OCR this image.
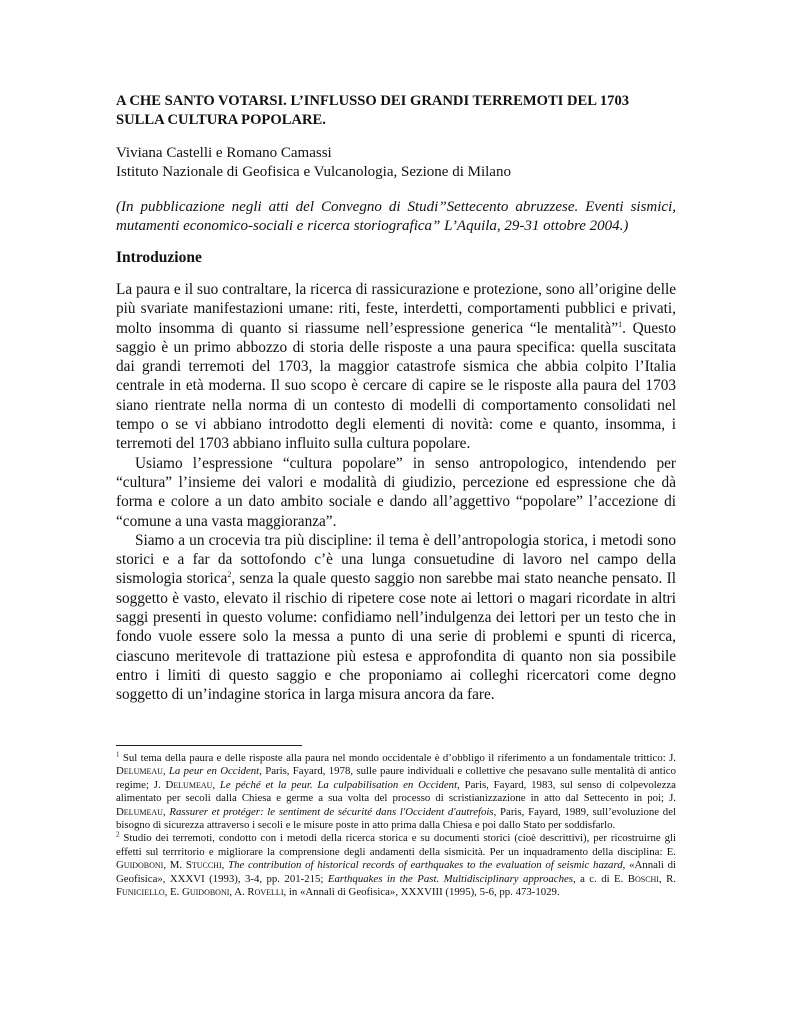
A CHE SANTO VOTARSI. L’INFLUSSO DEI GRANDI TERREMOTI DEL 1703
SULLA CULTURA POPOLARE.

Viviana Castelli e Romano Camassi

Istituto Nazionale di Geofisica e Vulcanologia, Sezione di Milano

(In pubblicazione negli atti del Convegno di Studi”Settecento abruzzese. Eventi sismici, mutamenti economico-sociali e ricerca storiografica” L’Aquila, 29-31 ottobre 2004.)

Introduzione

La paura e il suo contraltare, la ricerca di rassicurazione e protezione, sono all’origine delle più svariate manifestazioni umane: riti, feste, interdetti, comportamenti pubblici e privati, molto insomma di quanto si riassume nell’espressione generica “le mentalità”$^1$. Questo saggio è un primo abbozzo di storia delle risposte a una paura specifica: quella suscitata dai grandi terremoti del 1703, la maggior catastrofe sismica che abbia colpito l’Italia centrale in età moderna. Il suo scopo è cercare di capire se le risposte alla paura del 1703 siano rientrate nella norma di un contesto di modelli di comportamento consolidati nel tempo o se vi abbiano introdotto degli elementi di novità: come e quanto, insomma, i terremoti del 1703 abbiano influito sulla cultura popolare.

Usiamo l’espressione “cultura popolare” in senso antropologico, intendendo per “cultura” l’insieme dei valori e modalità di giudizio, percezione ed espressione che dà forma e colore a un dato ambito sociale e dando all’aggettivo “popolare” l’accezione di “comune a una vasta maggioranza”.

Siamo a un crocevia tra più discipline: il tema è dell’antropologia storica, i metodi sono storici e a far da sottofondo c’è una lunga consuetudine di lavoro nel campo della sismologia storica$^2$, senza la quale questo saggio non sarebbe mai stato neanche pensato. Il soggetto è vasto, elevato il rischio di ripetere cose note ai lettori o magari ricordate in altri saggi presenti in questo volume: confidiamo nell’indulgenza dei lettori per un testo che in fondo vuole essere solo la messa a punto di una serie di problemi e spunti di ricerca, ciascuno meritevole di trattazione più estesa e approfondita di quanto non sia possibile entro i limiti di questo saggio e che proponiamo ai colleghi ricercatori come degno soggetto di un’indagine storica in larga misura ancora da fare.

$^1$ Sul tema della paura e delle risposte alla paura nel mondo occidentale è d’obbligo il riferimento a un fondamentale trittico: J. Delumeau, La peur en Occident, Paris, Fayard, 1978, sulle paure individuali e collettive che pesavano sulle mentalità di antico regime; J. Delumeau, Le péché et la peur. La culpabilisation en Occident, Paris, Fayard, 1983, sul senso di colpevolezza alimentato per secoli dalla Chiesa e germe a sua volta del processo di scristianizzazione in atto dal Settecento in poi; J. Delumeau, Rassurer et protéger: le sentiment de sécurité dans l'Occident d'autrefois, Paris, Fayard, 1989, sull’evoluzione del bisogno di sicurezza attraverso i secoli e le misure poste in atto prima dalla Chiesa e poi dallo Stato per soddisfarlo.

$^2$ Studio dei terremoti, condotto con i metodi della ricerca storica e su documenti storici (cioè descrittivi), per ricostruirne gli effetti sul terrritorio e migliorare la comprensione degli andamenti della sismicità. Per un inquadramento della disciplina: E. Guidoboni, M. Stucchi, The contribution of historical records of earthquakes to the evaluation of seismic hazard, «Annali di Geofisica», XXXVI (1993), 3-4, pp. 201-215; Earthquakes in the Past. Multidisciplinary approaches, a c. di E. Boschi, R. Funiciello, E. Guidoboni, A. Rovelli, in «Annali di Geofisica», XXXVIII (1995), 5-6, pp. 473-1029.
